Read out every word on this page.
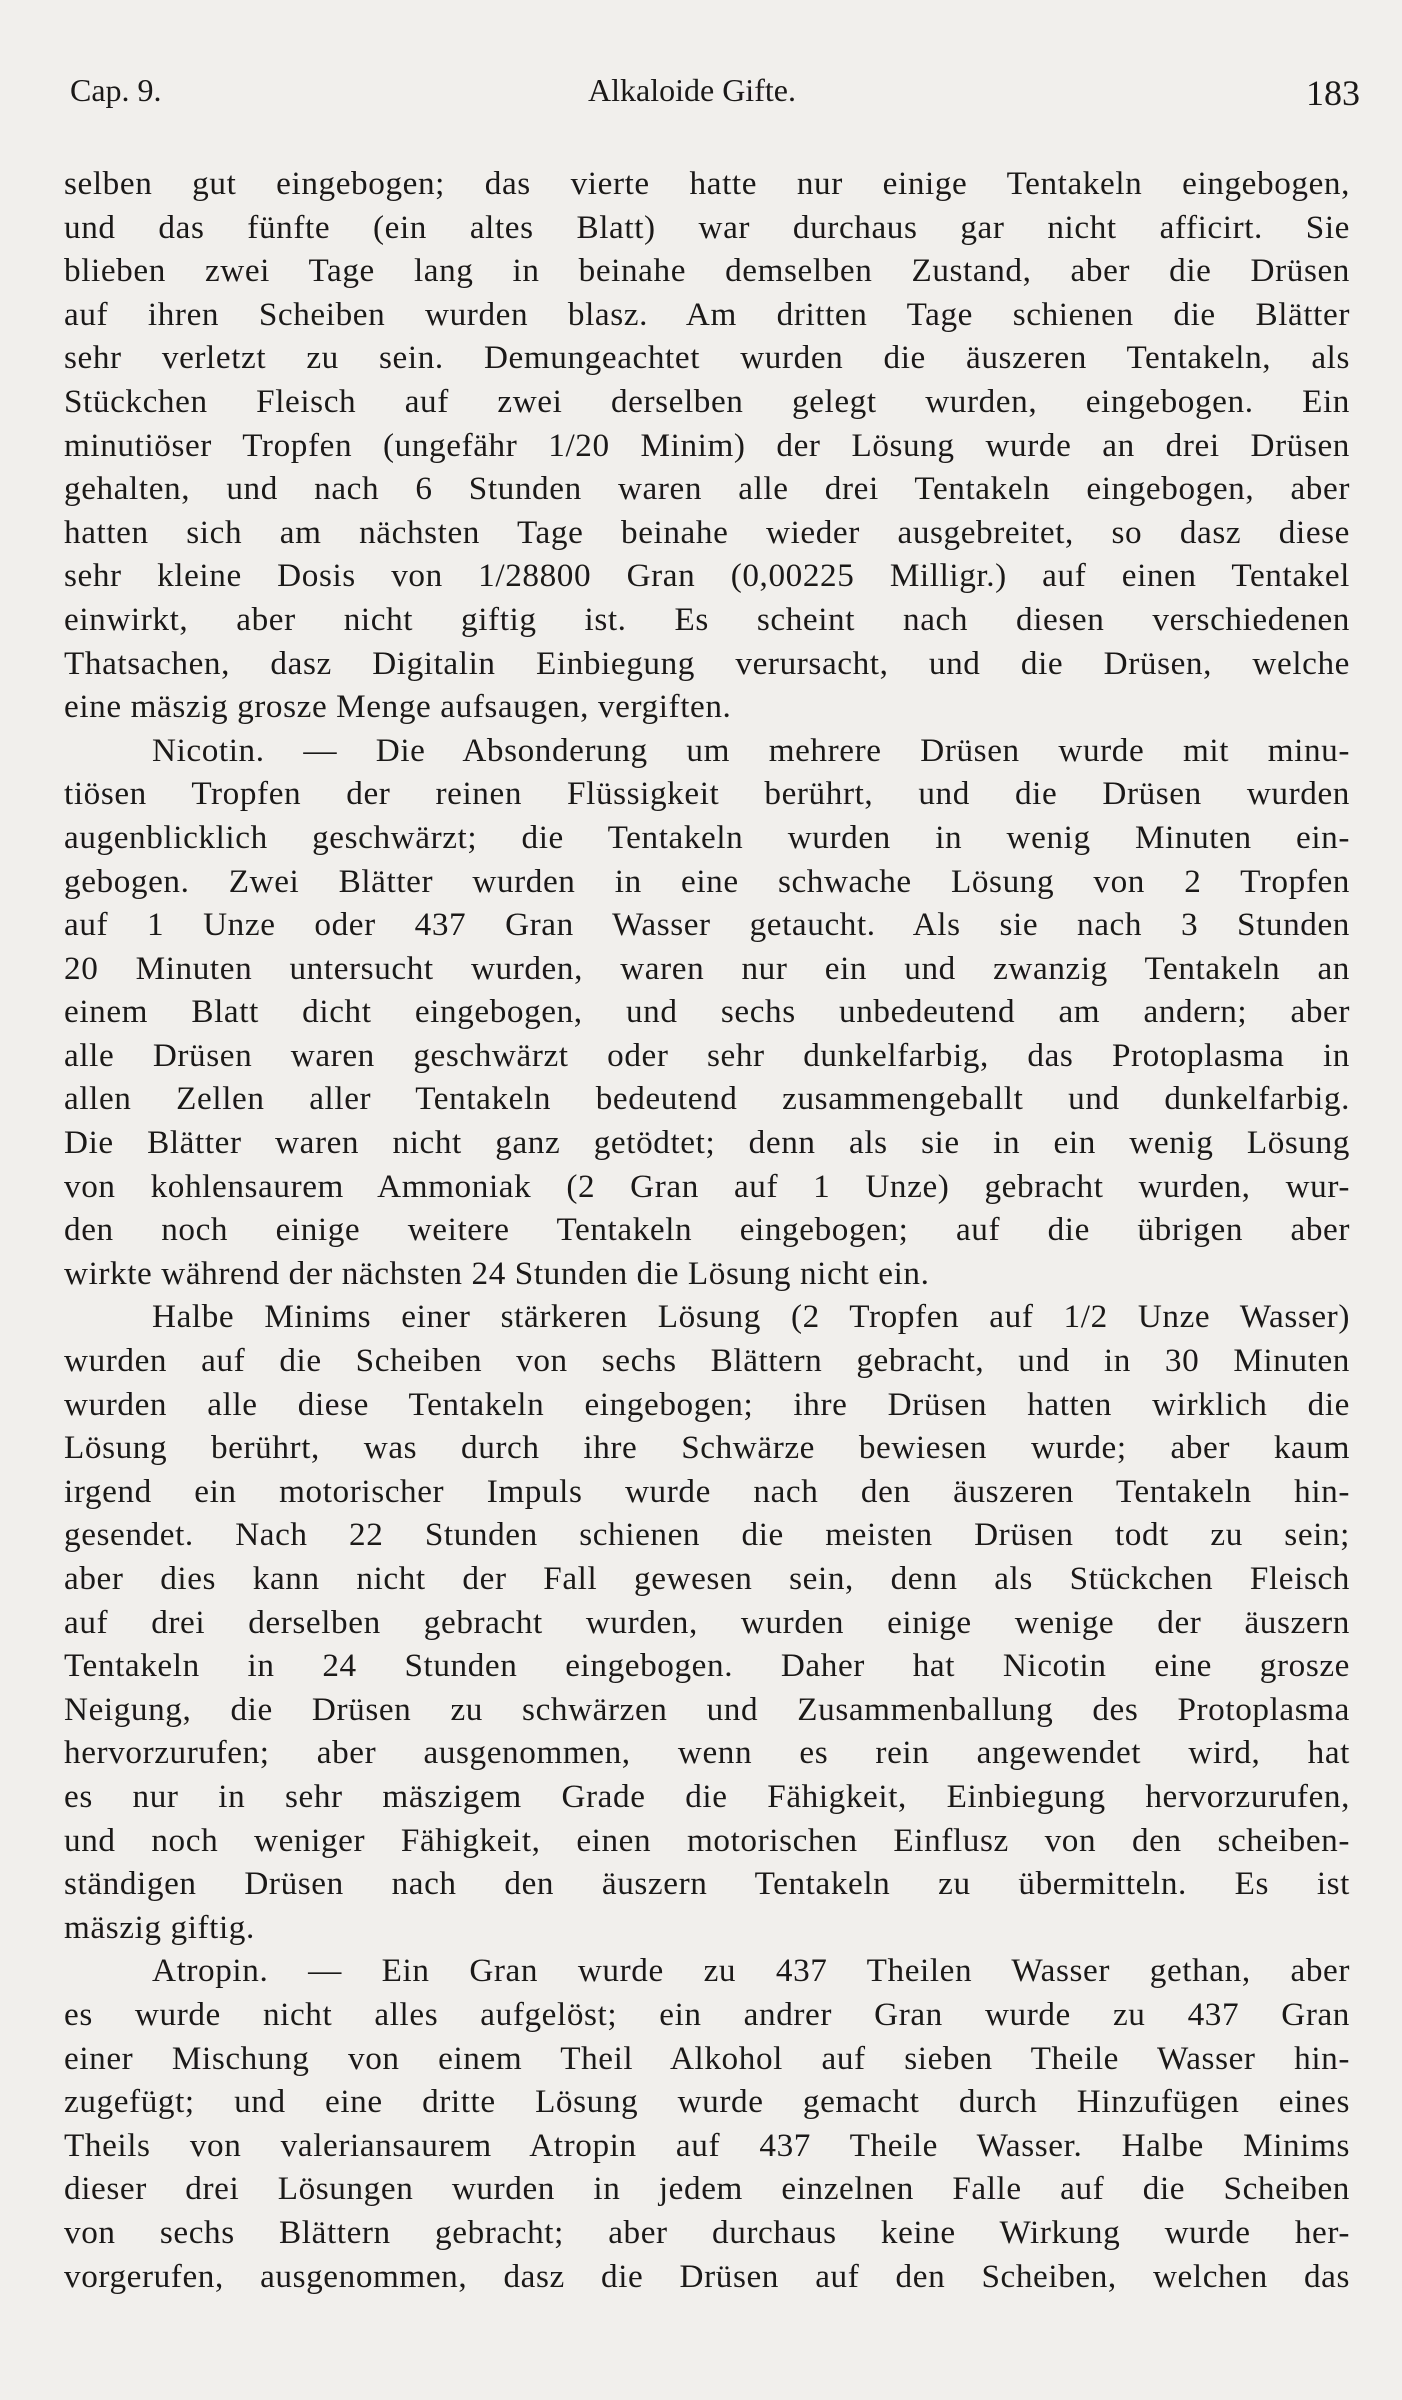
Cap. 9.	Alkaloide Gifte.	183
selben gut eingebogen; das vierte hatte nur einige Tentakeln eingebogen,
und das fünfte (ein altes Blatt) war durchaus gar nicht afficirt. Sie
blieben zwei Tage lang in beinahe demselben Zustand, aber die Drüsen
auf ihren Scheiben wurden blasz. Am dritten Tage schienen die Blätter
sehr verletzt zu sein. Demungeachtet wurden die äuszeren Tentakeln, als
Stückchen Fleisch auf zwei derselben gelegt wurden, eingebogen. Ein
minutiöser Tropfen (ungefähr 1/20 Minim) der Lösung wurde an drei Drüsen
gehalten, und nach 6 Stunden waren alle drei Tentakeln eingebogen, aber
hatten sich am nächsten Tage beinahe wieder ausgebreitet, so dasz diese
sehr kleine Dosis von 1/28800 Gran (0,00225 Milligr.) auf einen Tentakel
einwirkt, aber nicht giftig ist. Es scheint nach diesen verschiedenen
Thatsachen, dasz Digitalin Einbiegung verursacht, und die Drüsen, welche
eine mäszig grosze Menge aufsaugen, vergiften.
Nicotin. — Die Absonderung um mehrere Drüsen wurde mit minu-
tiösen Tropfen der reinen Flüssigkeit berührt, und die Drüsen wurden
augenblicklich geschwärzt; die Tentakeln wurden in wenig Minuten ein-
gebogen. Zwei Blätter wurden in eine schwache Lösung von 2 Tropfen
auf 1 Unze oder 437 Gran Wasser getaucht. Als sie nach 3 Stunden
20 Minuten untersucht wurden, waren nur ein und zwanzig Tentakeln an
einem Blatt dicht eingebogen, und sechs unbedeutend am andern; aber
alle Drüsen waren geschwärzt oder sehr dunkelfarbig, das Protoplasma in
allen Zellen aller Tentakeln bedeutend zusammengeballt und dunkelfarbig.
Die Blätter waren nicht ganz getödtet; denn als sie in ein wenig Lösung
von kohlensaurem Ammoniak (2 Gran auf 1 Unze) gebracht wurden, wur-
den noch einige weitere Tentakeln eingebogen; auf die übrigen aber
wirkte während der nächsten 24 Stunden die Lösung nicht ein.
Halbe Minims einer stärkeren Lösung (2 Tropfen auf 1/2 Unze Wasser)
wurden auf die Scheiben von sechs Blättern gebracht, und in 30 Minuten
wurden alle diese Tentakeln eingebogen; ihre Drüsen hatten wirklich die
Lösung berührt, was durch ihre Schwärze bewiesen wurde; aber kaum
irgend ein motorischer Impuls wurde nach den äuszeren Tentakeln hin-
gesendet. Nach 22 Stunden schienen die meisten Drüsen todt zu sein;
aber dies kann nicht der Fall gewesen sein, denn als Stückchen Fleisch
auf drei derselben gebracht wurden, wurden einige wenige der äuszern
Tentakeln in 24 Stunden eingebogen. Daher hat Nicotin eine grosze
Neigung, die Drüsen zu schwärzen und Zusammenballung des Protoplasma
hervorzurufen; aber ausgenommen, wenn es rein angewendet wird, hat
es nur in sehr mäszigem Grade die Fähigkeit, Einbiegung hervorzurufen,
und noch weniger Fähigkeit, einen motorischen Einflusz von den scheiben-
ständigen Drüsen nach den äuszern Tentakeln zu übermitteln. Es ist
mäszig giftig.
Atropin. — Ein Gran wurde zu 437 Theilen Wasser gethan, aber
es wurde nicht alles aufgelöst; ein andrer Gran wurde zu 437 Gran
einer Mischung von einem Theil Alkohol auf sieben Theile Wasser hin-
zugefügt; und eine dritte Lösung wurde gemacht durch Hinzufügen eines
Theils von valeriansaurem Atropin auf 437 Theile Wasser. Halbe Minims
dieser drei Lösungen wurden in jedem einzelnen Falle auf die Scheiben
von sechs Blättern gebracht; aber durchaus keine Wirkung wurde her-
vorgerufen, ausgenommen, dasz die Drüsen auf den Scheiben, welchen das
